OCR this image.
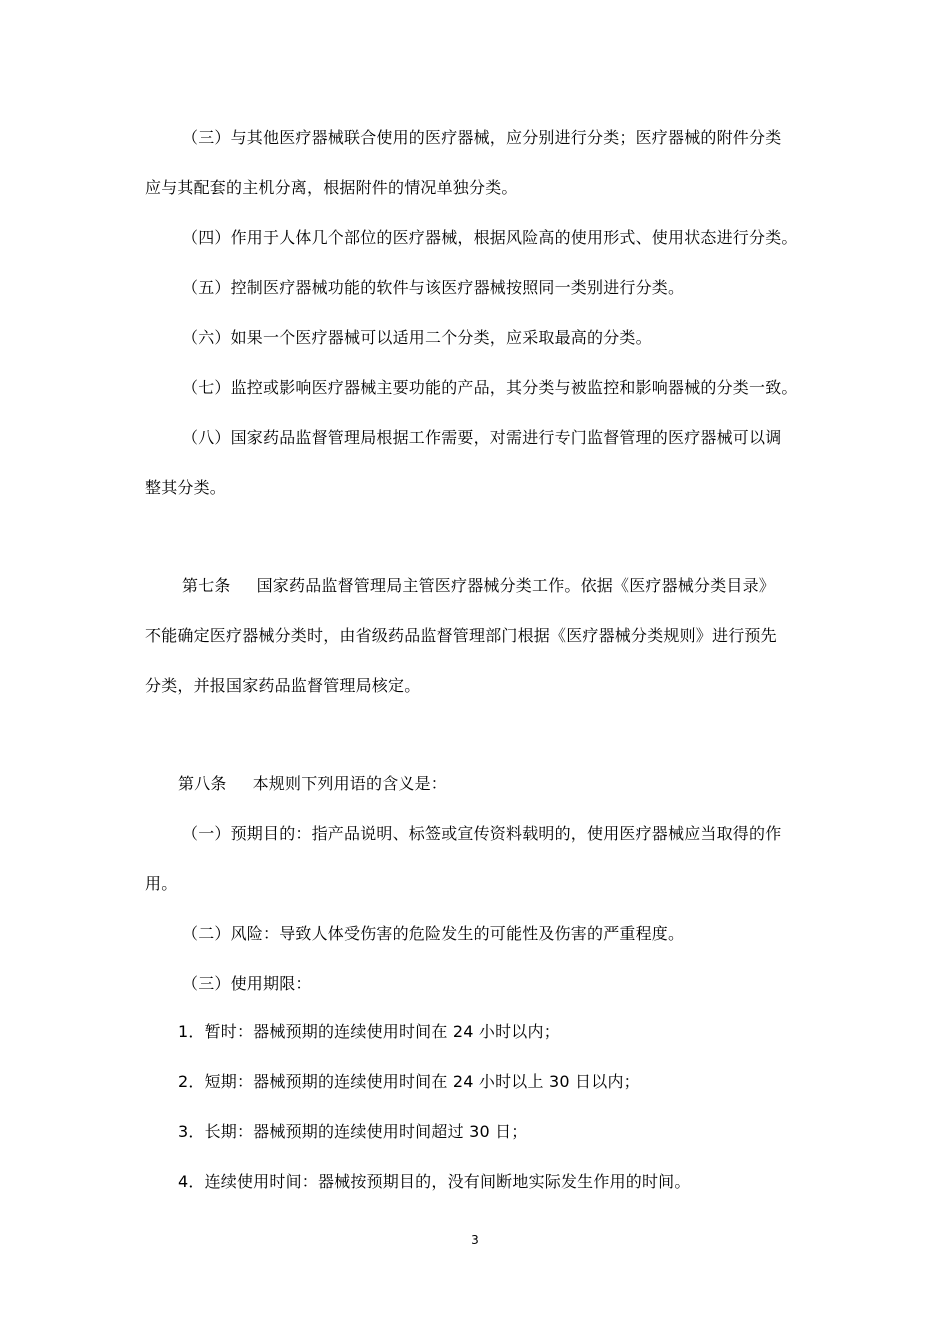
（三）与其他医疗器械联合使用的医疗器械，应分别进行分类；医疗器械的附件分类
应与其配套的主机分离，根据附件的情况单独分类。
（四）作用于人体几个部位的医疗器械，根据风险高的使用形式、使用状态进行分类。
（五）控制医疗器械功能的软件与该医疗器械按照同一类别进行分类。
（六）如果一个医疗器械可以适用二个分类，应采取最高的分类。
（七）监控或影响医疗器械主要功能的产品，其分类与被监控和影响器械的分类一致。
（八）国家药品监督管理局根据工作需要，对需进行专门监督管理的医疗器械可以调
整其分类。
第七条 国家药品监督管理局主管医疗器械分类工作。依据《医疗器械分类目录》
不能确定医疗器械分类时，由省级药品监督管理部门根据《医疗器械分类规则》进行预先
分类，并报国家药品监督管理局核定。
第八条 本规则下列用语的含义是：
（一）预期目的：指产品说明、标签或宣传资料载明的，使用医疗器械应当取得的作
用。
（二）风险：导致人体受伤害的危险发生的可能性及伤害的严重程度。
（三）使用期限：
1．暂时：器械预期的连续使用时间在 24 小时以内；
2．短期：器械预期的连续使用时间在 24 小时以上 30 日以内；
3．长期：器械预期的连续使用时间超过 30 日；
4．连续使用时间：器械按预期目的，没有间断地实际发生作用的时间。
3
